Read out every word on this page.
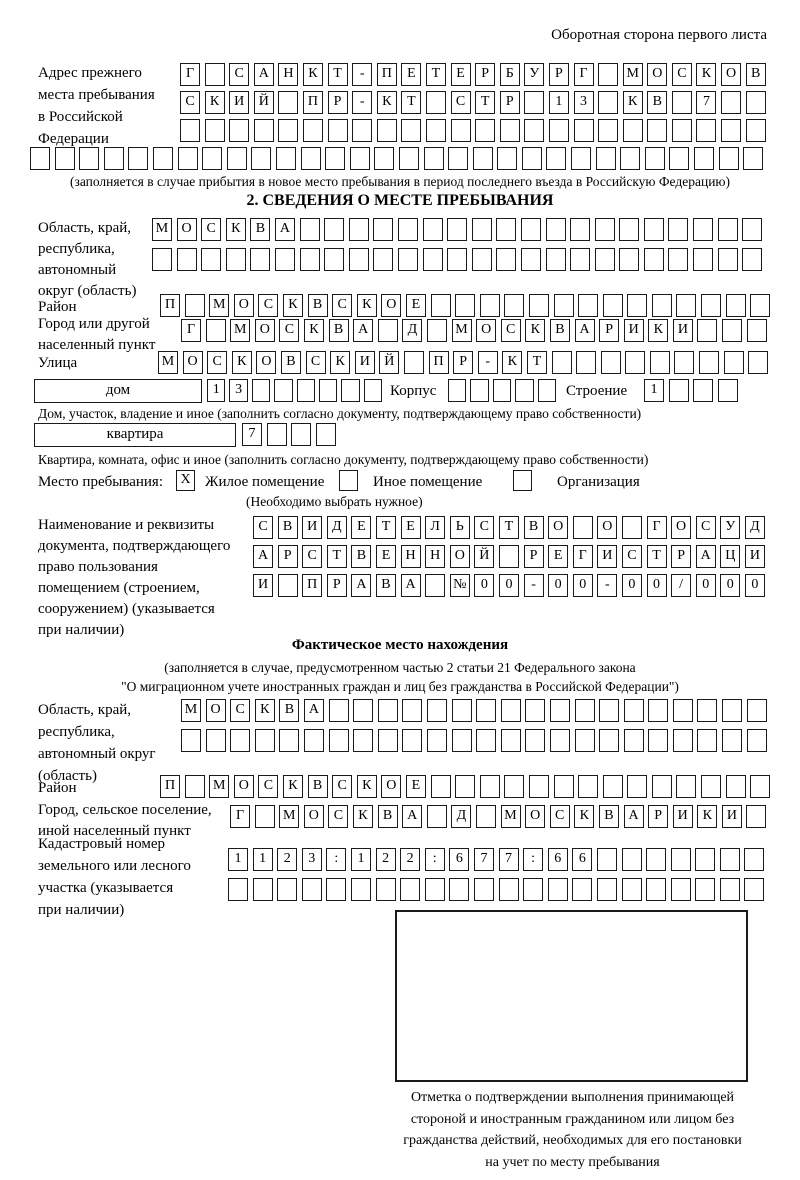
Оборотная сторона первого листа
Адрес прежнего
места пребывания
в Российской
Федерации
Г	С	А	Н	К	Т	-	П	Е	Т	Е	Р	Б	У	Р	Г	М О	С	К	О	В
С	К	И	Й	П	Р	-	К	Т	С	Т	Р	1	3	К	В	7
(заполняется в случае прибытия в новое место пребывания в период последнего въезда в Российскую Федерацию)
2. СВЕДЕНИЯ О МЕСТЕ ПРЕБЫВАНИЯ
Область, край,
республика,
автономный
округ (область)
М О	С	К	В	А
Район	П	М О	С	К	В	С	К	О	Е
Город или другой
населенный пункт
Г	М О	С	К	В	А	Д	М О	С	К	В	А	Р	И	К	И
Улица	М О	С	К	О	В	С	К	И	Й	П	Р	-	К	Т
дом	1	3	Корпус	Строение	1
Дом, участок, владение и иное (заполнить согласно документу, подтверждающему право собственности)
квартира	7
Квартира, комната, офис и иное (заполнить согласно документу, подтверждающему право собственности)
Место пребывания:	X Жилое помещение	Иное помещение	Организация
(Необходимо выбрать нужное)
Наименование и реквизиты
документа, подтверждающего
право пользования
помещением (строением,
сооружением) (указывается
при наличии)
С	В	И	Д	Е	Т	Е	Л	Ь	С	Т	В	О	О	Г	О	С	У	Д
А	Р	С	Т	В	Е	Н	Н	О	Й	Р	Е	Г	И	С	Т	Р	А	Ц	И
И	П	Р	А	В	А	№	0	0	-	0	0	-	0	0	/	0	0	0
Фактическое место нахождения
(заполняется в случае, предусмотренном частью 2 статьи 21 Федерального закона
"О миграционном учете иностранных граждан и лиц без гражданства в Российской Федерации")
Область, край,
республика,
автономный округ
(область)
М О	С	К	В	А
Район	П	М О	С	К	В	С	К	О	Е
Город, сельское поселение,
иной населенный пункт
Г	М О	С	К	В	А	Д	М О	С	К	В	А	Р	И	К	И
Кадастровый номер
земельного или лесного
участка (указывается
при наличии)
1	1	2	3	:	1	2	2	:	6	7	7	:	6	6
Отметка о подтверждении выполнения принимающей
стороной и иностранным гражданином или лицом без
гражданства действий, необходимых для его постановки
на учет по месту пребывания
